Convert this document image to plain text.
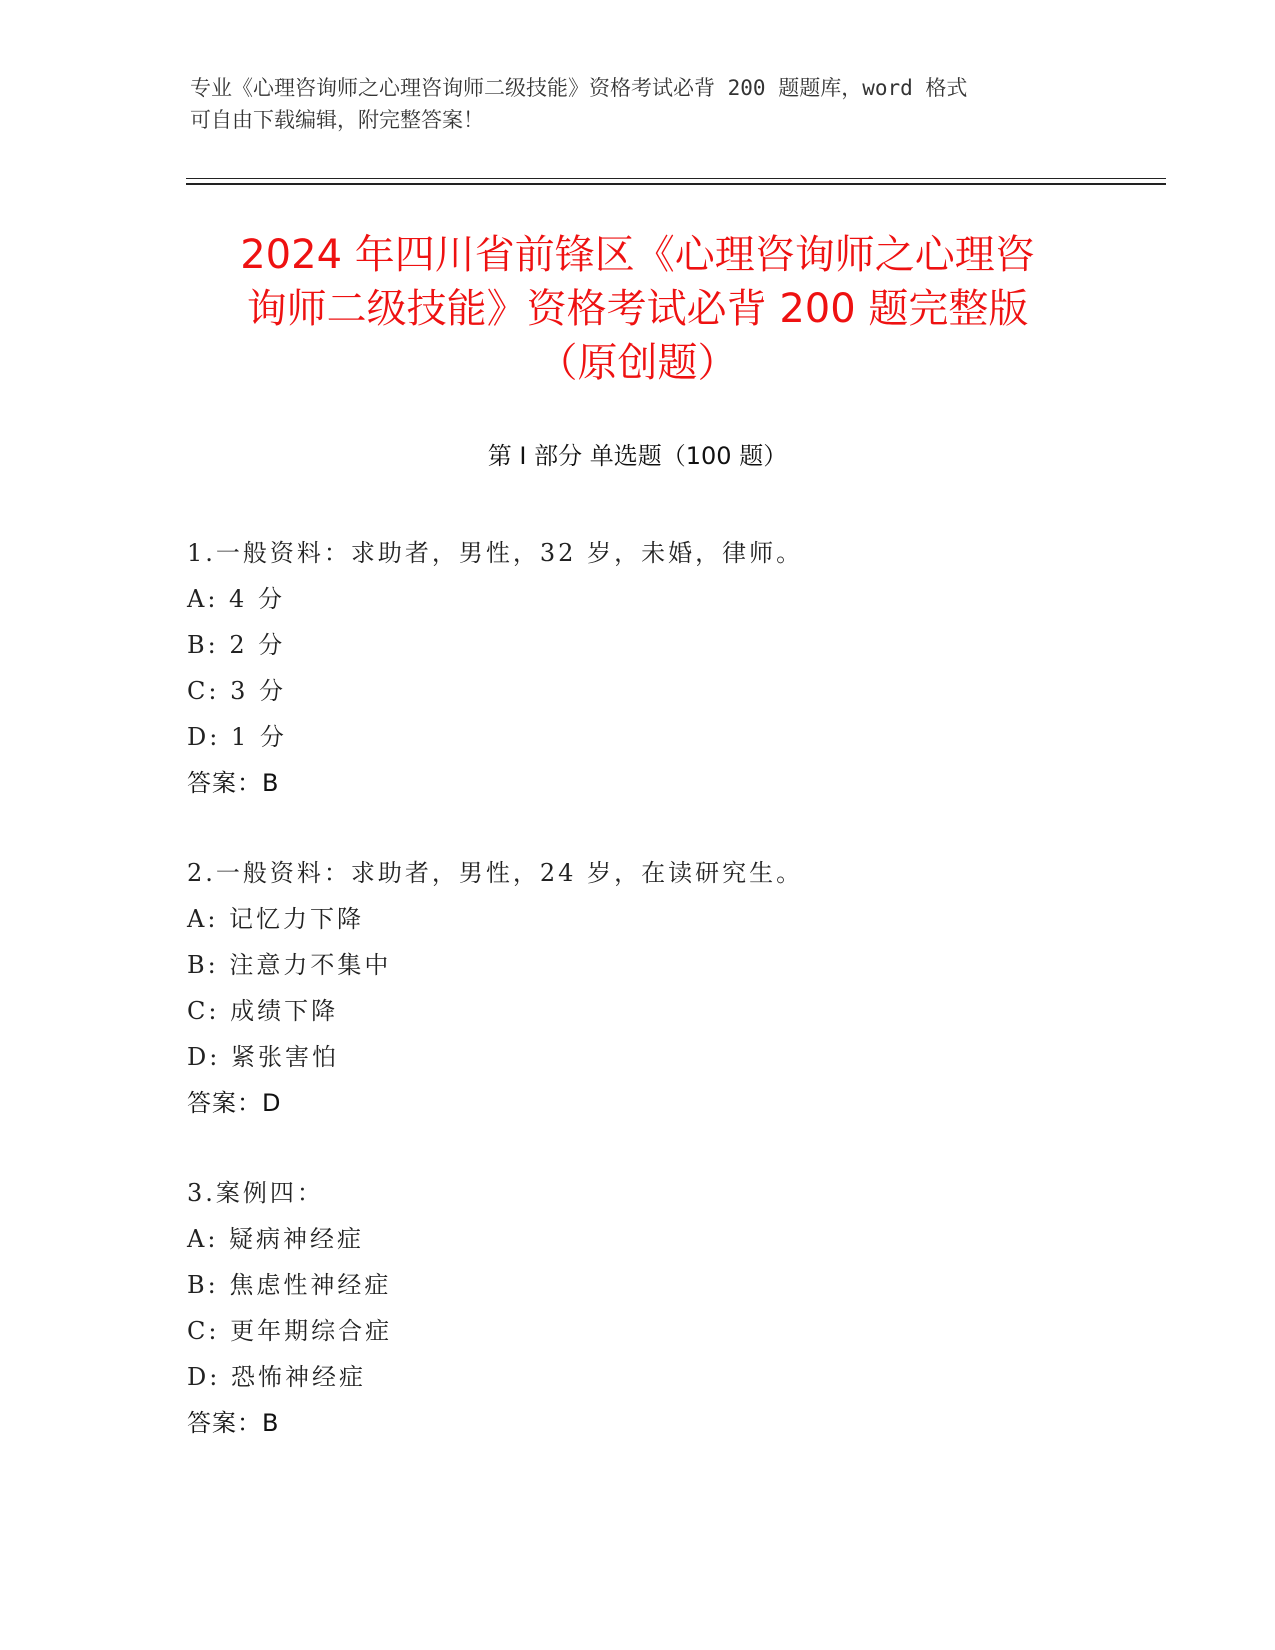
专业《心理咨询师之心理咨询师二级技能》资格考试必背 200 题题库，word 格式
可自由下载编辑，附完整答案！
2024 年四川省前锋区《心理咨询师之心理咨
询师二级技能》资格考试必背 200 题完整版
（原创题）
第 I 部分 单选题（100 题）
1.一般资料：求助者，男性，32 岁，未婚，律师。
A: 4 分
B: 2 分
C: 3 分
D: 1 分
答案：B
2.一般资料：求助者，男性，24 岁，在读研究生。
A: 记忆力下降
B: 注意力不集中
C: 成绩下降
D: 紧张害怕
答案：D
3.案例四：
A: 疑病神经症
B: 焦虑性神经症
C: 更年期综合症
D: 恐怖神经症
答案：B
